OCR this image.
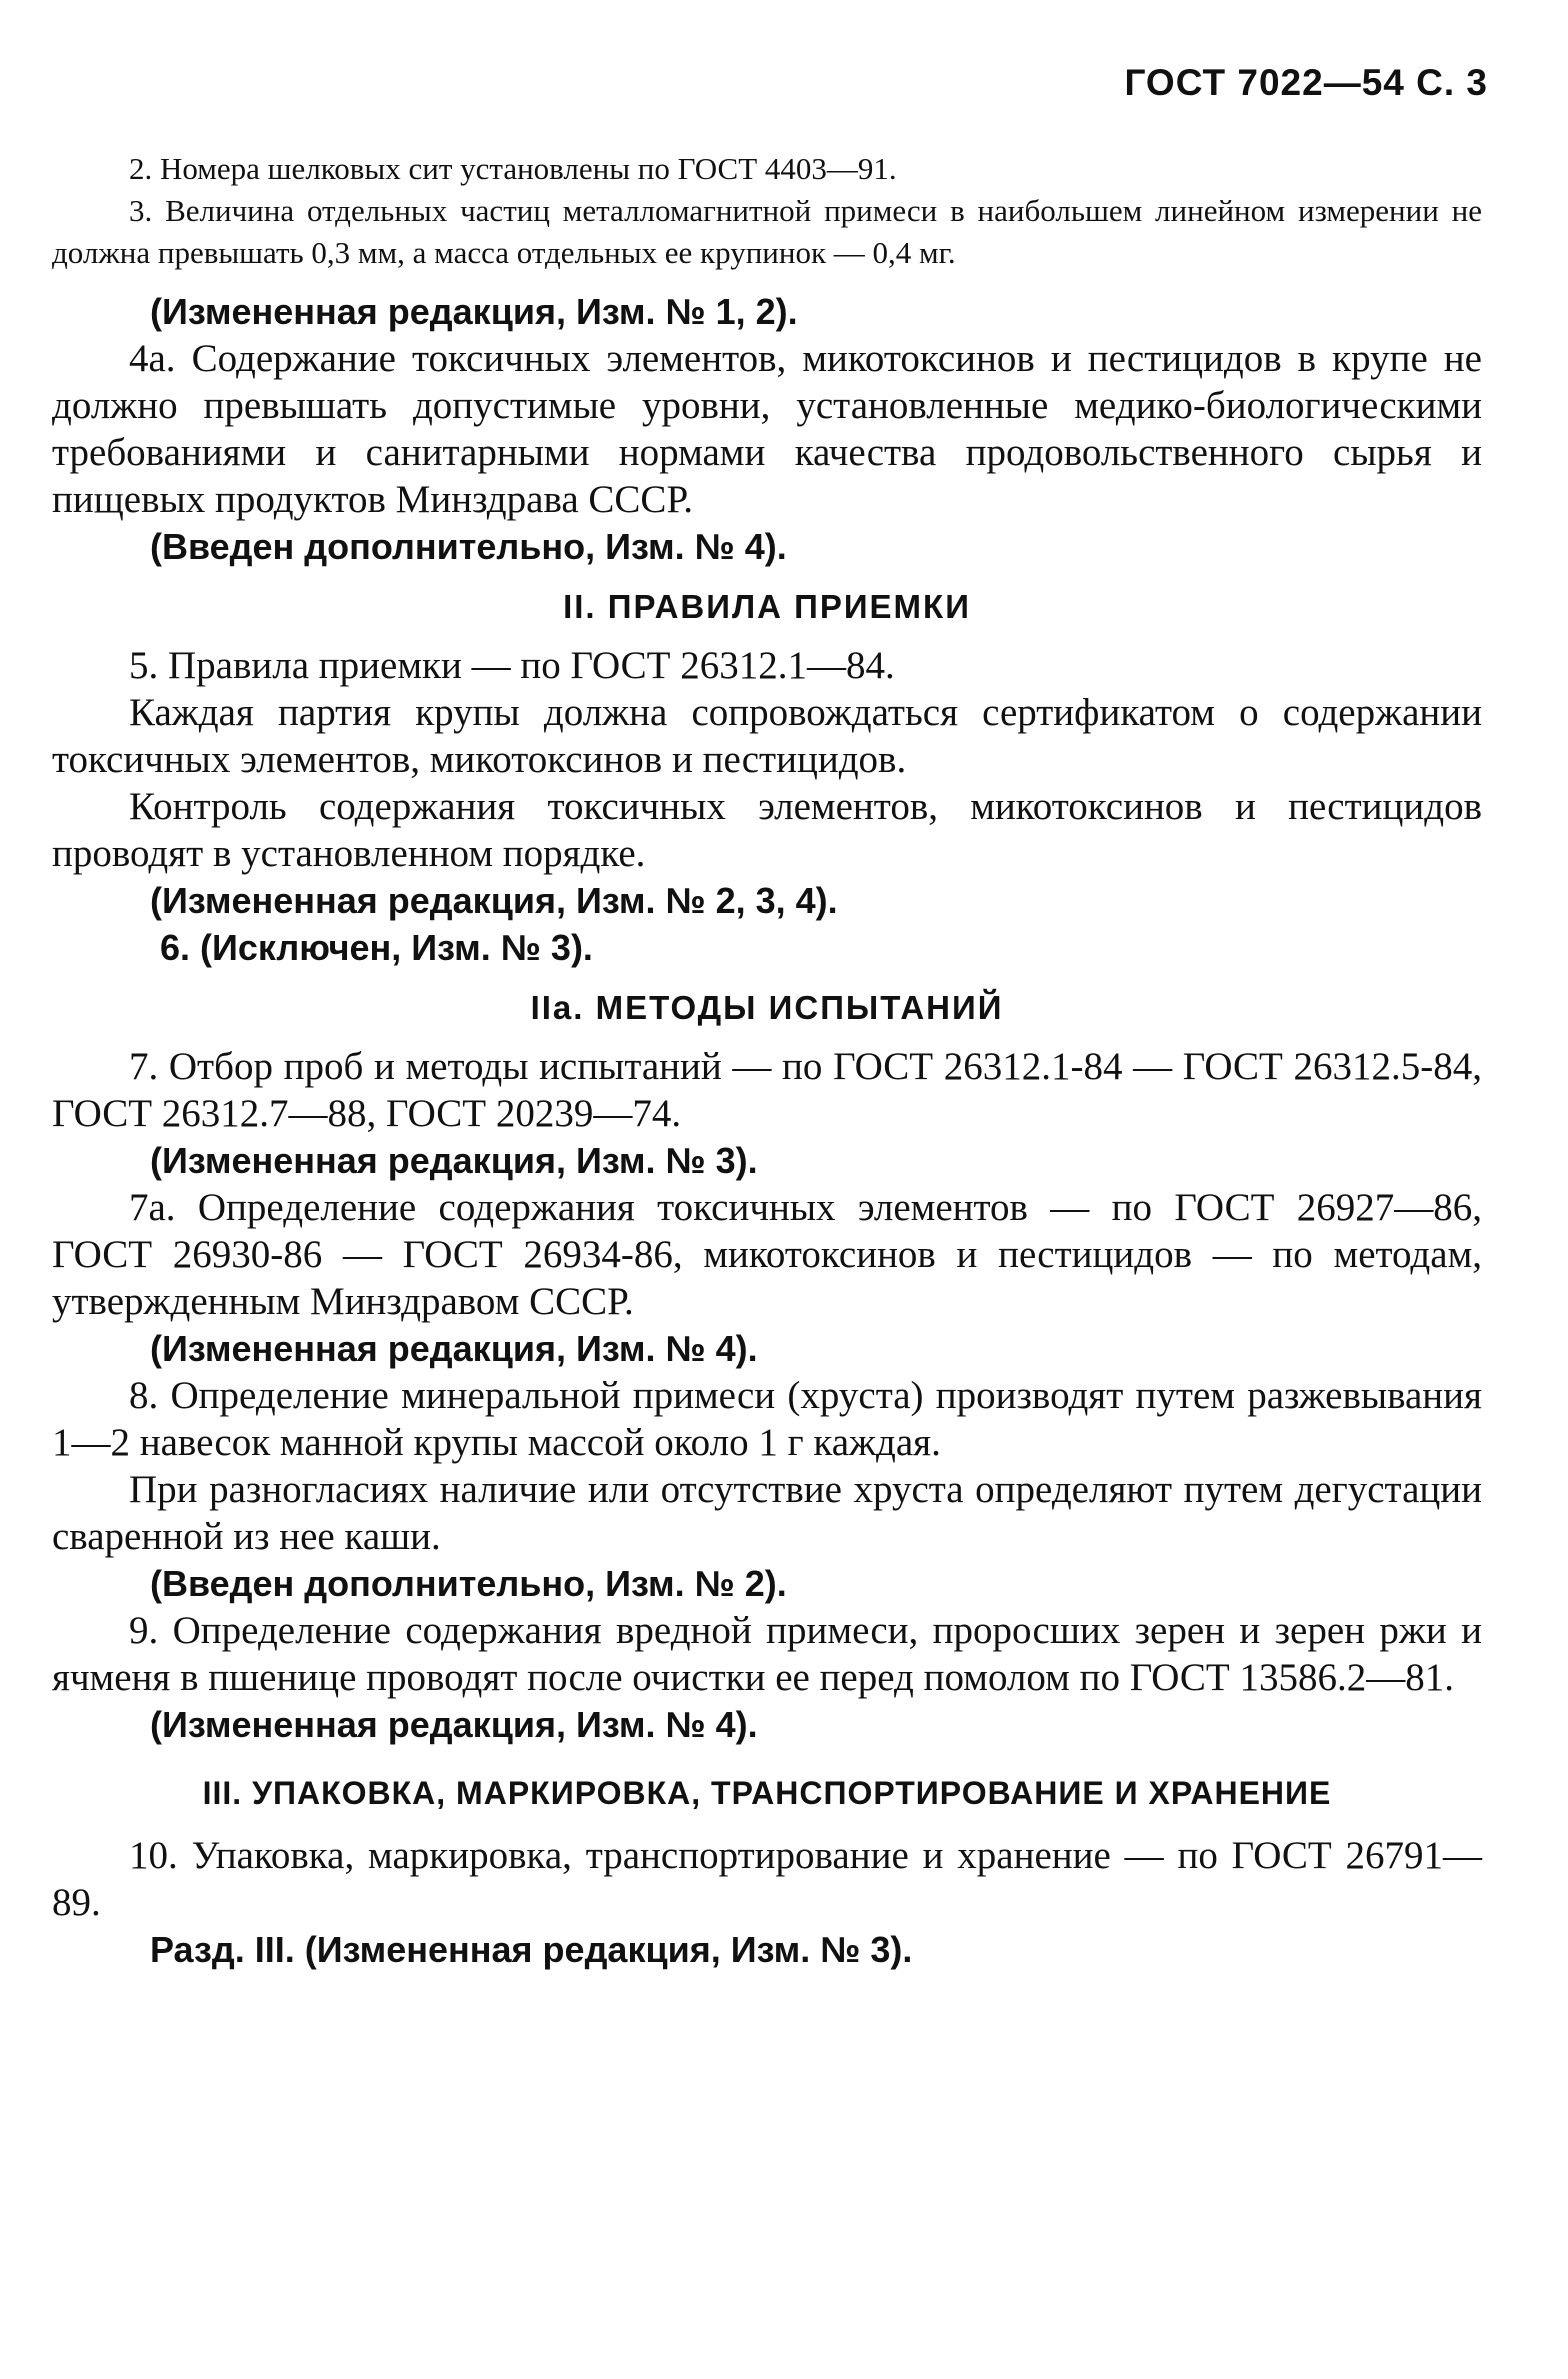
ГОСТ 7022—54 С. 3

2. Номера шелковых сит установлены по ГОСТ 4403—91.

3. Величина отдельных частиц металломагнитной примеси в наибольшем линейном измерении не должна превышать 0,3 мм, а масса отдельных ее крупинок — 0,4 мг.

(Измененная редакция, Изм. № 1, 2).

4а. Содержание токсичных элементов, микотоксинов и пестицидов в крупе не должно превышать допустимые уровни, установленные медико-биологическими требованиями и санитарными нормами качества продовольственного сырья и пищевых продуктов Минздрава СССР.

(Введен дополнительно, Изм. № 4).

II. ПРАВИЛА ПРИЕМКИ

5. Правила приемки — по ГОСТ 26312.1—84.

Каждая партия крупы должна сопровождаться сертификатом о содержании токсичных элементов, микотоксинов и пестицидов.

Контроль содержания токсичных элементов, микотоксинов и пестицидов проводят в установленном порядке.

(Измененная редакция, Изм. № 2, 3, 4).

6. (Исключен, Изм. № 3).

IIа. МЕТОДЫ ИСПЫТАНИЙ

7. Отбор проб и методы испытаний — по ГОСТ 26312.1-84 — ГОСТ 26312.5-84, ГОСТ 26312.7—88, ГОСТ 20239—74.

(Измененная редакция, Изм. № 3).

7а. Определение содержания токсичных элементов — по ГОСТ 26927—86, ГОСТ 26930-86 — ГОСТ 26934-86, микотоксинов и пестицидов — по методам, утвержденным Минздравом СССР.

(Измененная редакция, Изм. № 4).

8. Определение минеральной примеси (хруста) производят путем разжевывания 1—2 навесок манной крупы массой около 1 г каждая.

При разногласиях наличие или отсутствие хруста определяют путем дегустации сваренной из нее каши.

(Введен дополнительно, Изм. № 2).

9. Определение содержания вредной примеси, проросших зерен и зерен ржи и ячменя в пшенице проводят после очистки ее перед помолом по ГОСТ 13586.2—81.

(Измененная редакция, Изм. № 4).

III. УПАКОВКА, МАРКИРОВКА, ТРАНСПОРТИРОВАНИЕ И ХРАНЕНИЕ

10. Упаковка, маркировка, транспортирование и хранение — по ГОСТ 26791—89.

Разд. III. (Измененная редакция, Изм. № 3).
